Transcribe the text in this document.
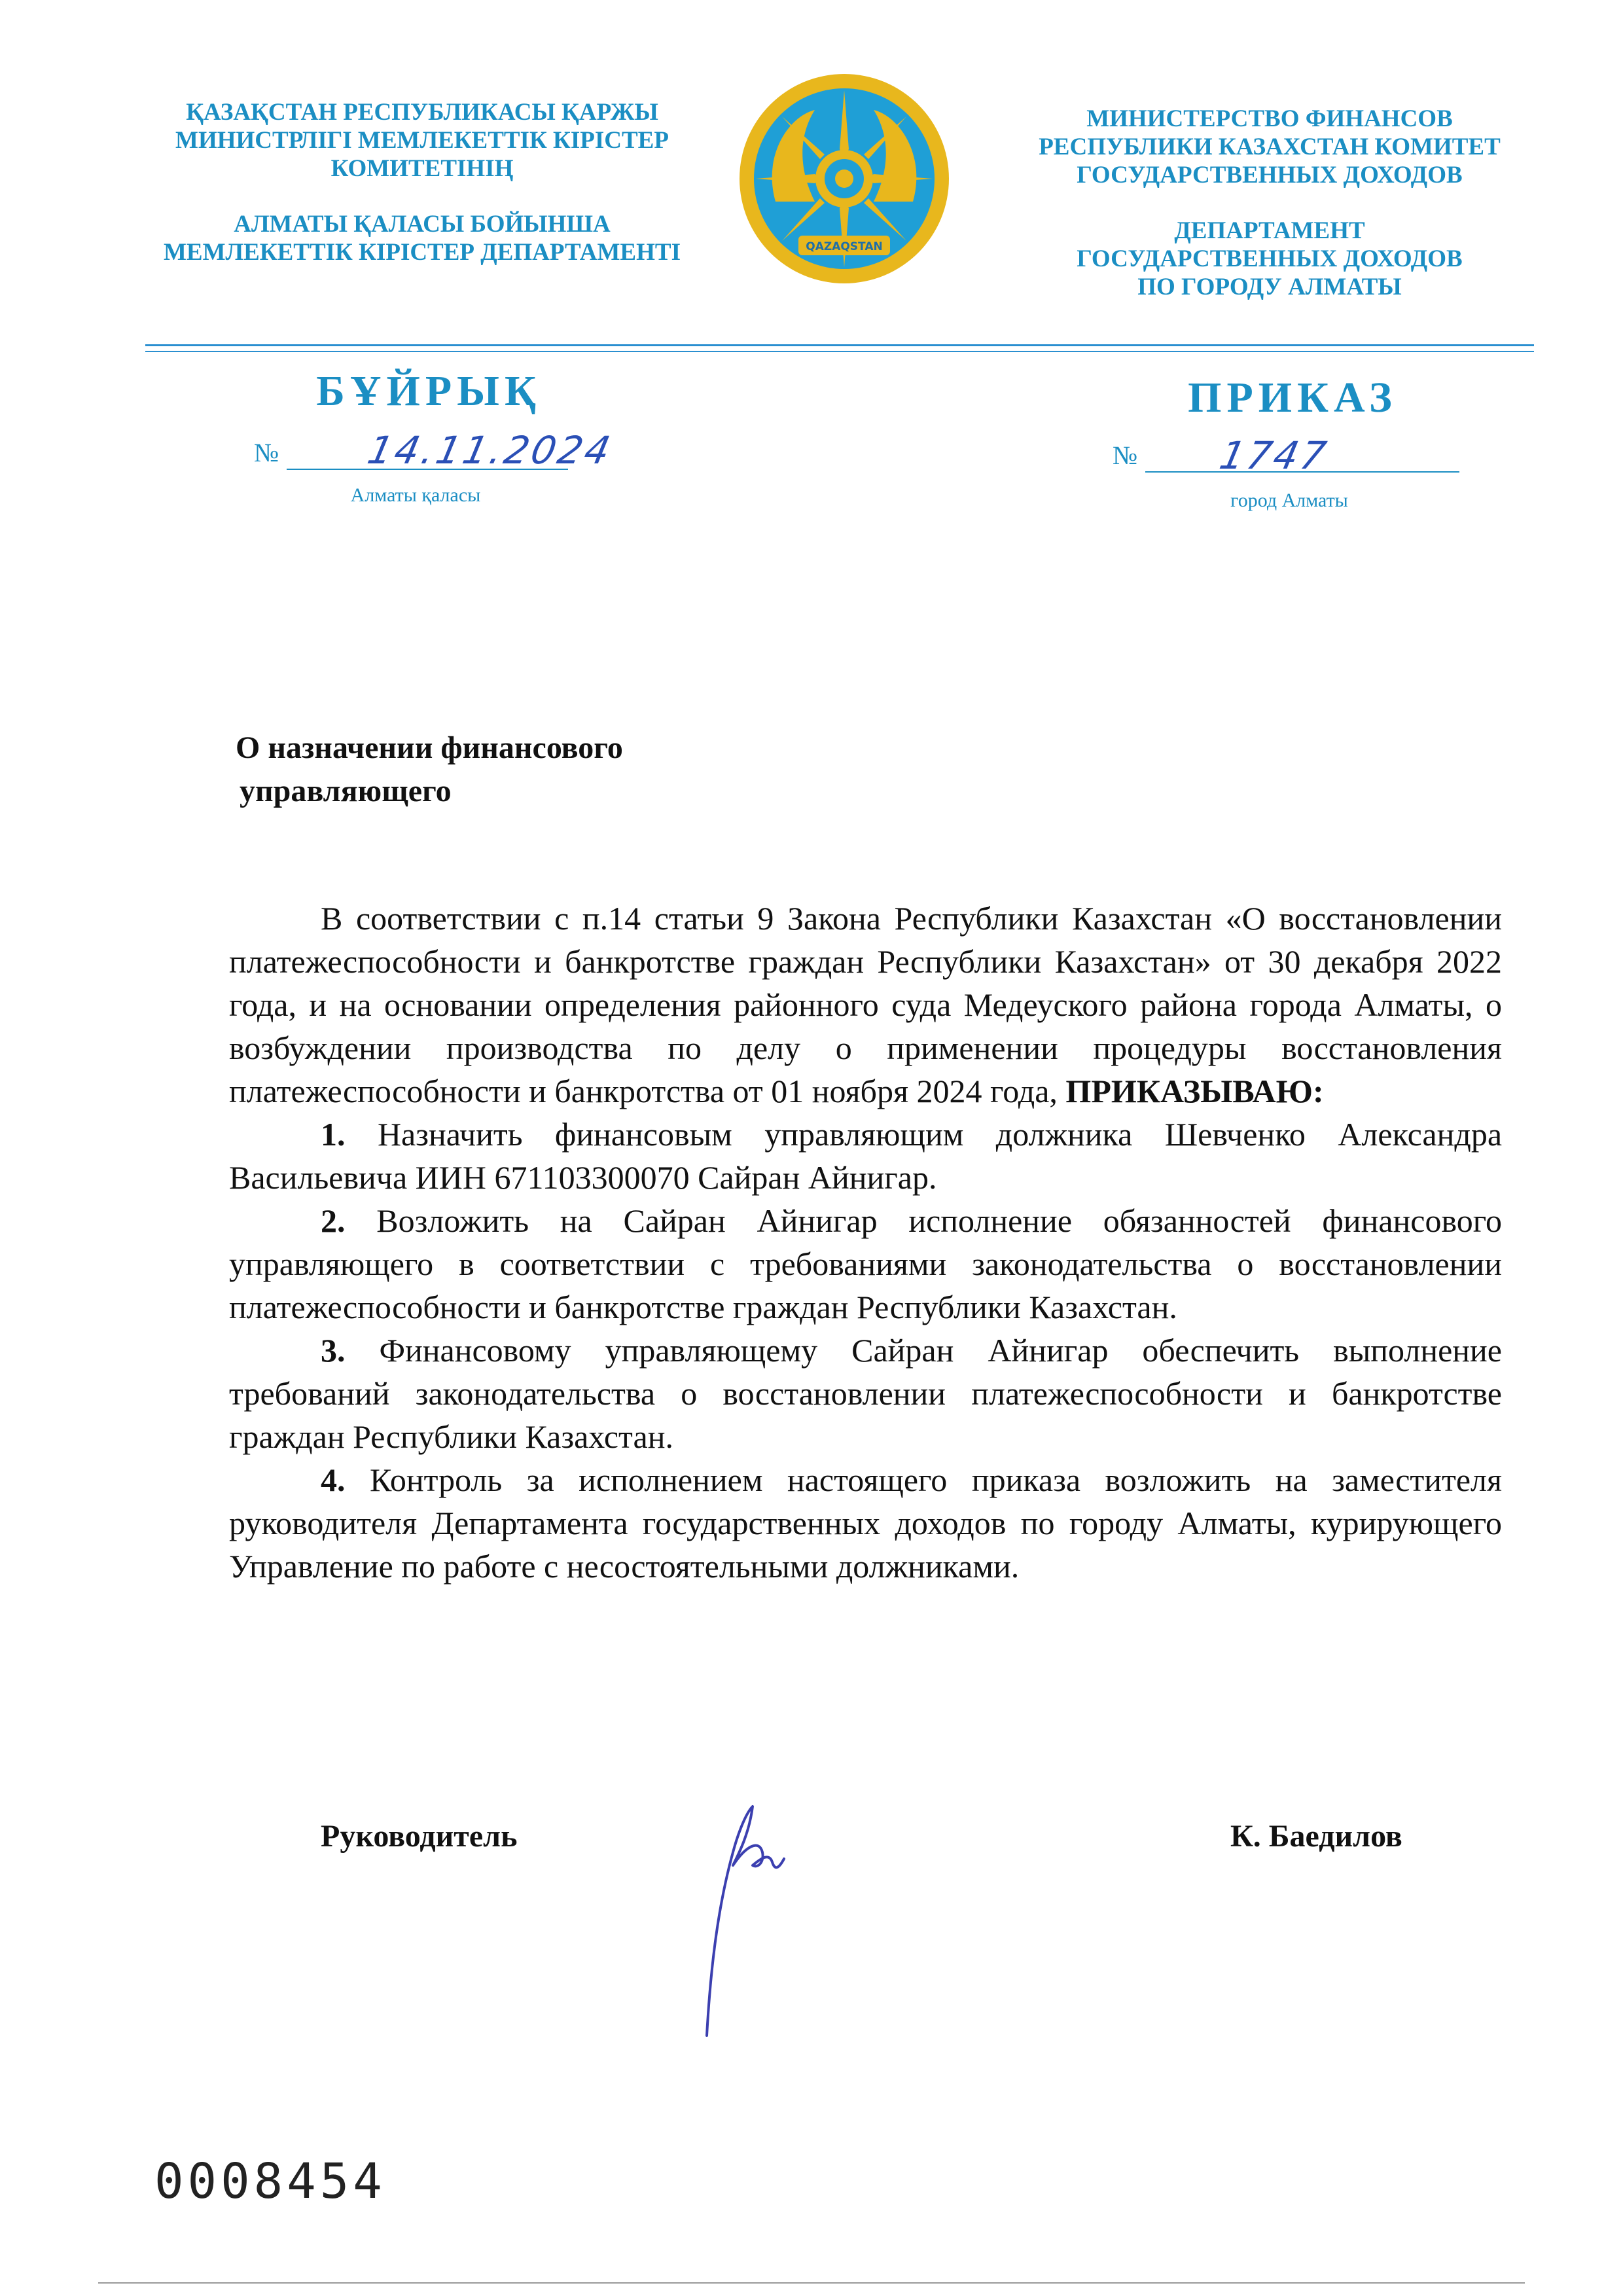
ҚАЗАҚСТАН РЕСПУБЛИКАСЫ ҚАРЖЫ
МИНИСТРЛІГІ МЕМЛЕКЕТТІК КІРІСТЕР
КОМИТЕТІНІҢ
АЛМАТЫ ҚАЛАСЫ БОЙЫНША
МЕМЛЕКЕТТІК КІРІСТЕР ДЕПАРТАМЕНТІ	QAZAQSTAN
МИНИСТЕРСТВО ФИНАНСОВ
РЕСПУБЛИКИ КАЗАХСТАН КОМИТЕТ
ГОСУДАРСТВЕННЫХ ДОХОДОВ
ДЕПАРТАМЕНТ
ГОСУДАРСТВЕННЫХ ДОХОДОВ
ПО ГОРОДУ АЛМАТЫ
БҰЙРЫҚ	ПРИКАЗ
№ 14.11.2024	№ 1747
Алматы қаласы	город Алматы
О назначении финансового
управляющего

В соответствии с п.14 статьи 9 Закона Республики Казахстан «О восстановлении платежеспособности и банкротстве граждан Республики Казахстан» от 30 декабря 2022 года, и на основании определения районного суда Медеуского района города Алматы, о возбуждении производства по делу о применении процедуры восстановления платежеспособности и банкротства от 01 ноября 2024 года, ПРИКАЗЫВАЮ:

1. Назначить финансовым управляющим должника Шевченко Александра Васильевича ИИН 671103300070 Сайран Айнигар.

2. Возложить на Сайран Айнигар исполнение обязанностей финансового управляющего в соответствии с требованиями законодательства о восстановлении платежеспособности и банкротстве граждан Республики Казахстан.

3. Финансовому управляющему Сайран Айнигар обеспечить выполнение требований законодательства о восстановлении платежеспособности и банкротстве граждан Республики Казахстан.

4. Контроль за исполнением настоящего приказа возложить на заместителя руководителя Департамента государственных доходов по городу Алматы, курирующего Управление по работе с несостоятельными должниками.

Руководитель	К. Баедилов
0008454
